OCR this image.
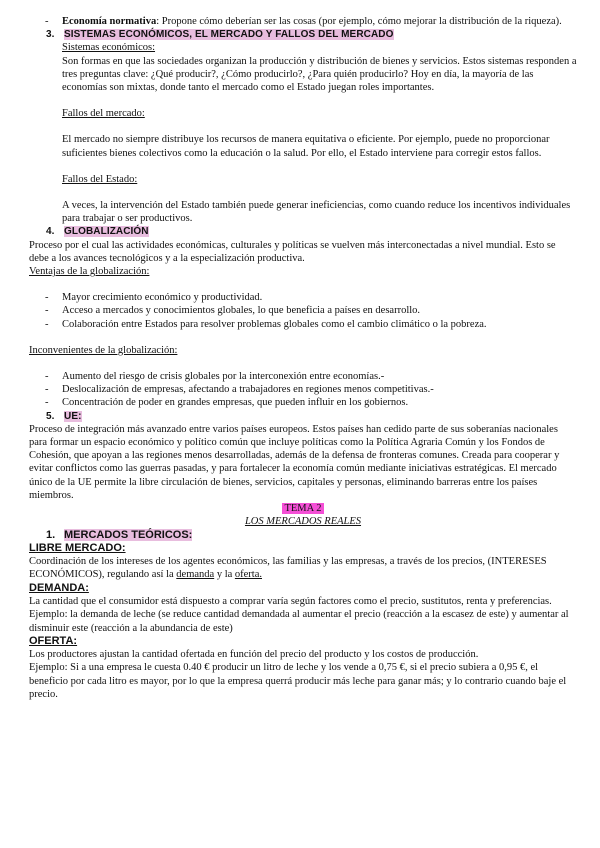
- Economía normativa: Propone cómo deberían ser las cosas (por ejemplo, cómo mejorar la distribución de la riqueza).

3. SISTEMAS ECONÓMICOS, EL MERCADO Y FALLOS DEL MERCADO

Sistemas económicos:

Son formas en que las sociedades organizan la producción y distribución de bienes y servicios. Estos sistemas responden a tres preguntas clave: ¿Qué producir?, ¿Cómo producirlo?, ¿Para quién producirlo? Hoy en día, la mayoría de las economías son mixtas, donde tanto el mercado como el Estado juegan roles importantes.

Fallos del mercado:

El mercado no siempre distribuye los recursos de manera equitativa o eficiente. Por ejemplo, puede no proporcionar suficientes bienes colectivos como la educación o la salud. Por ello, el Estado interviene para corregir estos fallos.

Fallos del Estado:

A veces, la intervención del Estado también puede generar ineficiencias, como cuando reduce los incentivos individuales para trabajar o ser productivos.

4. GLOBALIZACIÓN

Proceso por el cual las actividades económicas, culturales y políticas se vuelven más interconectadas a nivel mundial. Esto se debe a los avances tecnológicos y a la especialización productiva.

Ventajas de la globalización:

- Mayor crecimiento económico y productividad.

- Acceso a mercados y conocimientos globales, lo que beneficia a países en desarrollo.

- Colaboración entre Estados para resolver problemas globales como el cambio climático o la pobreza.

Inconvenientes de la globalización:

- Aumento del riesgo de crisis globales por la interconexión entre economías.-

- Deslocalización de empresas, afectando a trabajadores en regiones menos competitivas.-

- Concentración de poder en grandes empresas, que pueden influir en los gobiernos.

5. UE:

Proceso de integración más avanzado entre varios países europeos. Estos países han cedido parte de sus soberanías nacionales para formar un espacio económico y político común que incluye políticas como la Política Agraria Común y los Fondos de Cohesión, que apoyan a las regiones menos desarrolladas, además de la defensa de fronteras comunes. Creada para cooperar y evitar conflictos como las guerras pasadas, y para fortalecer la economía común mediante iniciativas estratégicas. El mercado único de la UE permite la libre circulación de bienes, servicios, capitales y personas, eliminando barreras entre los países miembros.

TEMA 2

LOS MERCADOS REALES

1. MERCADOS TEÓRICOS:

LIBRE MERCADO:

Coordinación de los intereses de los agentes económicos, las familias y las empresas, a través de los precios, (INTERESES ECONÓMICOS), regulando así la demanda y la oferta.

DEMANDA:

La cantidad que el consumidor está dispuesto a comprar varía según factores como el precio, sustitutos, renta y preferencias.

Ejemplo: la demanda de leche (se reduce cantidad demandada al aumentar el precio (reacción a la escasez de este) y aumentar al disminuir este (reacción a la abundancia de este)

OFERTA:

Los productores ajustan la cantidad ofertada en función del precio del producto y los costos de producción.

Ejemplo: Si a una empresa le cuesta 0.40 € producir un litro de leche y los vende a 0,75 €, si el precio subiera a 0,95 €, el beneficio por cada litro es mayor, por lo que la empresa querrá producir más leche para ganar más; y lo contrario cuando baje el precio.
